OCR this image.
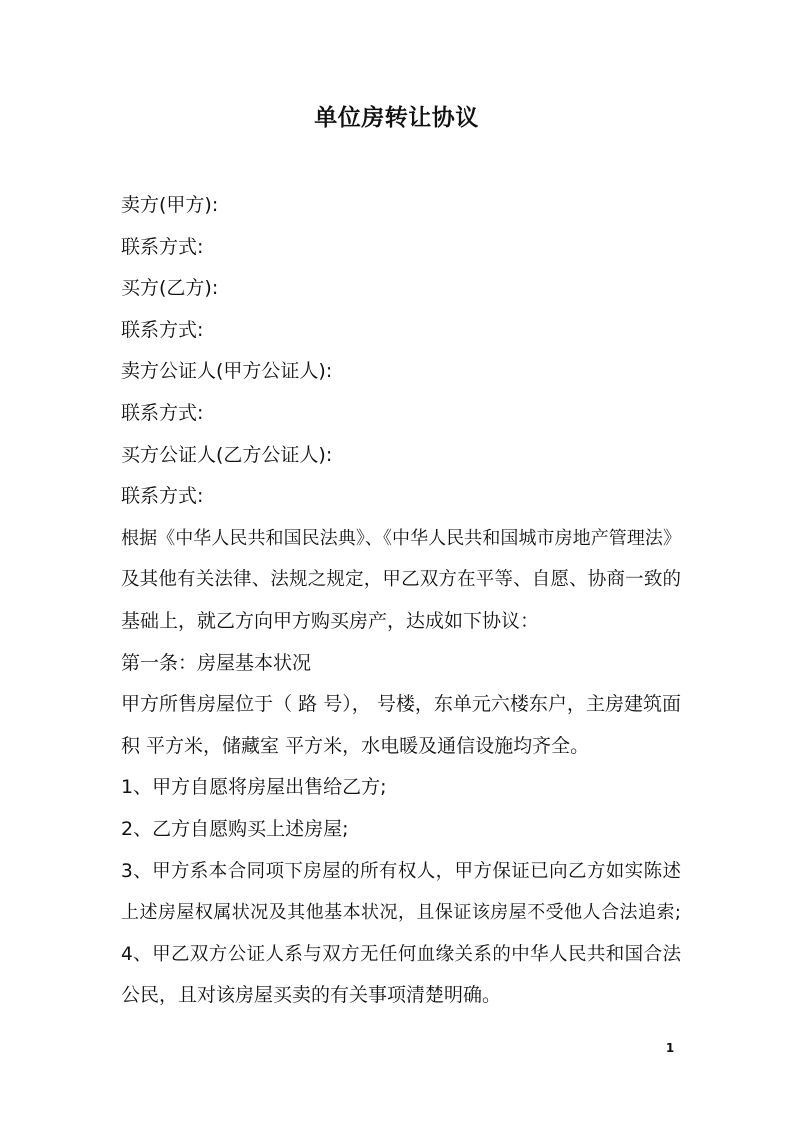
单位房转让协议
卖方(甲方):
联系方式:
买方(乙方):
联系方式:
卖方公证人(甲方公证人):
联系方式:
买方公证人(乙方公证人):
联系方式:
根据《中华人民共和国民法典》、《中华人民共和国城市房地产管理法》
及其他有关法律、法规之规定，甲乙双方在平等、自愿、协商一致的
基础上，就乙方向甲方购买房产，达成如下协议：
第一条：房屋基本状况
甲方所售房屋位于（ 路 号）， 号楼，东单元六楼东户，主房建筑面
积 平方米，储藏室 平方米，水电暖及通信设施均齐全。
1、甲方自愿将房屋出售给乙方;
2、乙方自愿购买上述房屋;
3、甲方系本合同项下房屋的所有权人，甲方保证已向乙方如实陈述
上述房屋权属状况及其他基本状况，且保证该房屋不受他人合法追索;
4、甲乙双方公证人系与双方无任何血缘关系的中华人民共和国合法
公民，且对该房屋买卖的有关事项清楚明确。
1
